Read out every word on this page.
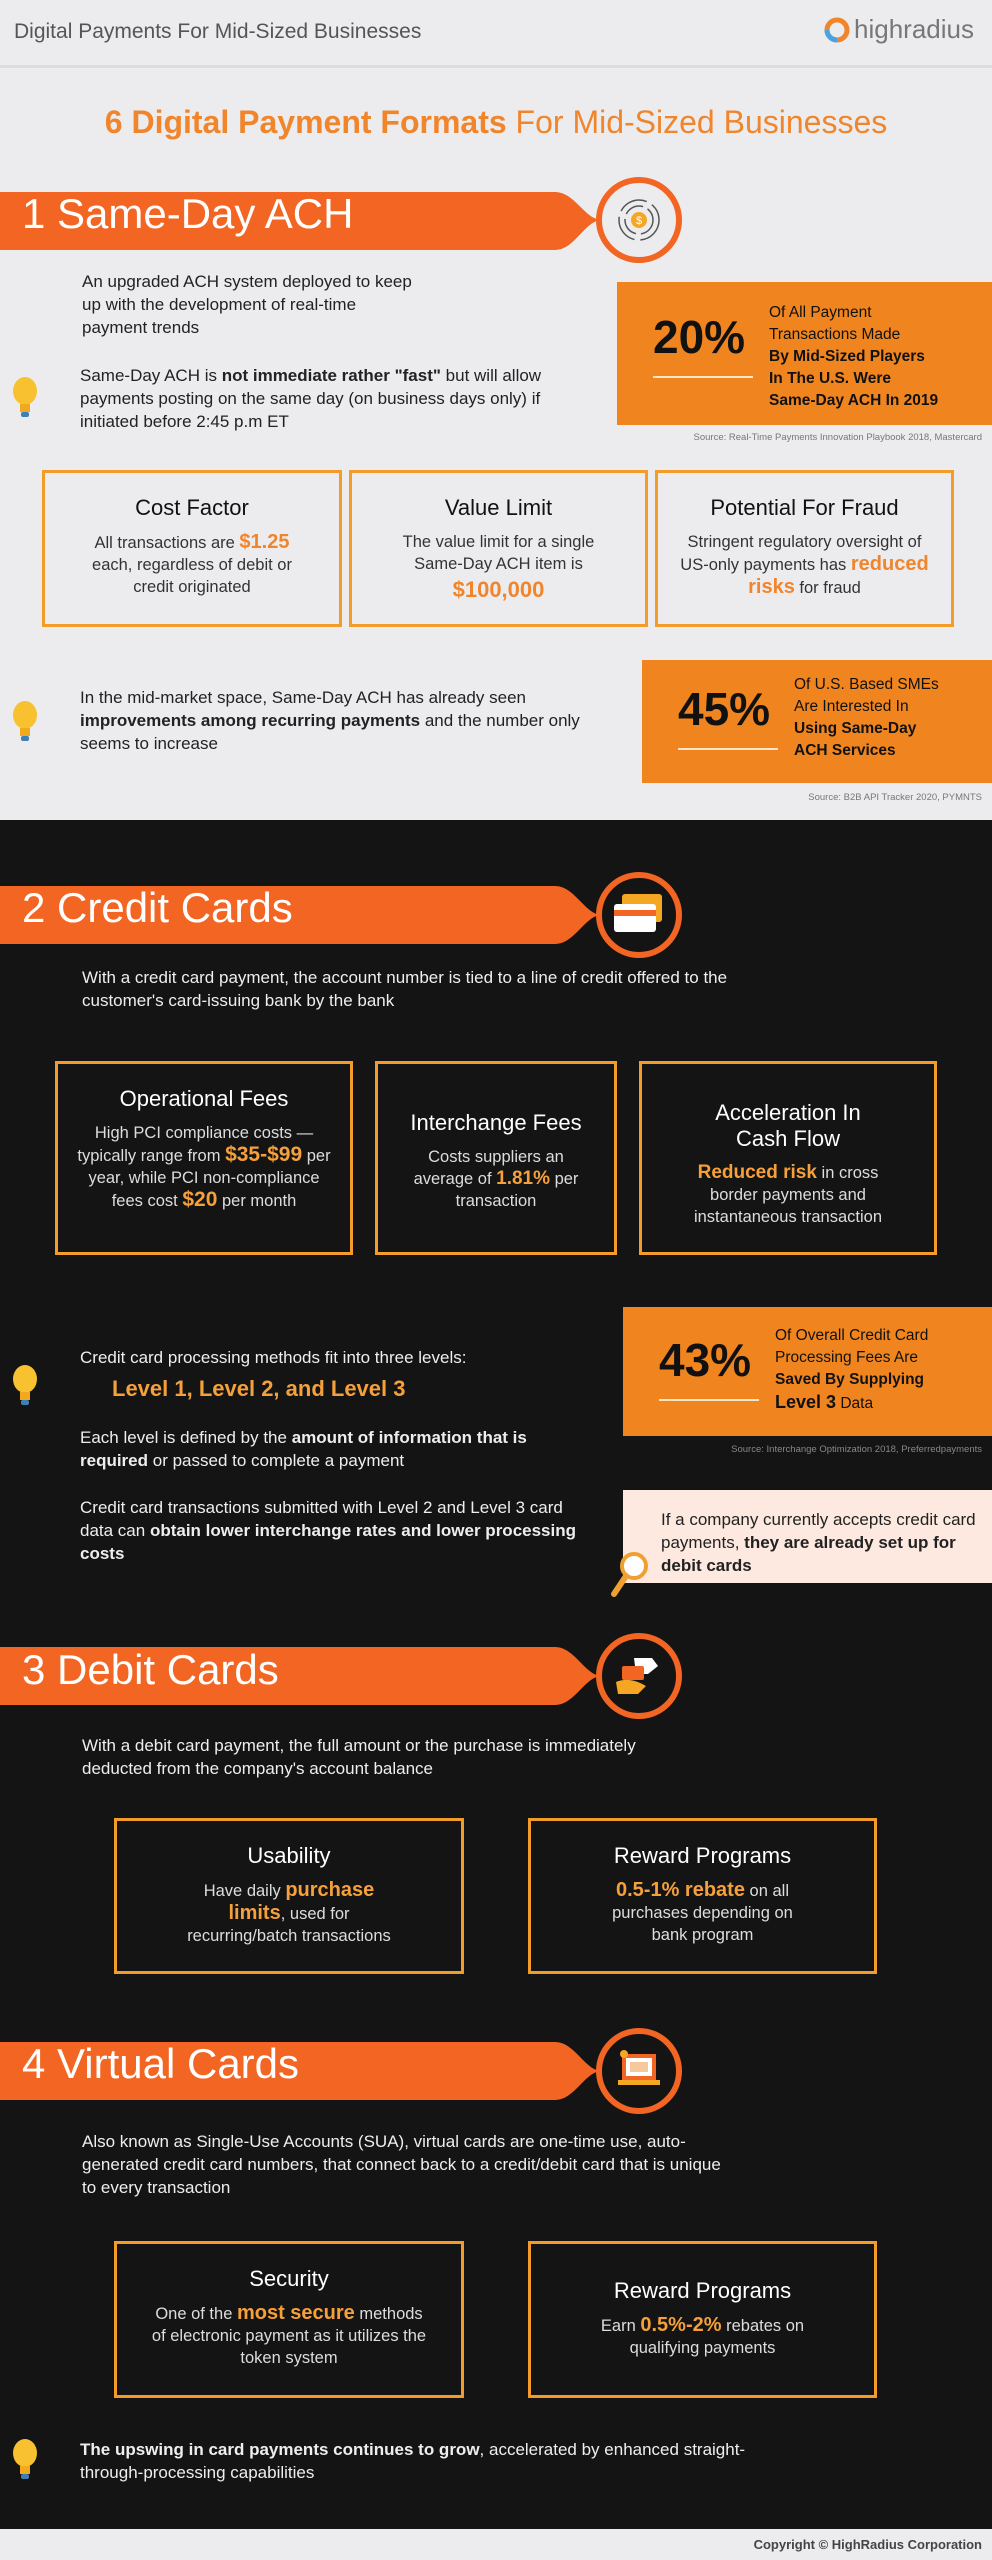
Digital Payments For Mid-Sized Businesses	highradius
6 Digital Payment Formats For Mid-Sized Businesses
1 Same-Day ACH	$
An upgraded ACH system deployed to keep up with the development of real-time payment trends
Same-Day ACH is not immediate rather "fast" but will allow payments posting on the same day (on business days only) if initiated before 2:45 p.m ET
20%	Of All Payment
Transactions Made
By Mid-Sized Players
In The U.S. Were
Same-Day ACH In 2019
Source: Real-Time Payments Innovation Playbook 2018, Mastercard
Cost Factor

All transactions are $1.25 each, regardless of debit or credit originated

Value Limit

The value limit for a single Same-Day ACH item is
$100,000

Potential For Fraud

Stringent regulatory oversight of US-only payments has reduced risks for fraud

In the mid-market space, Same-Day ACH has already seen improvements among recurring payments and the number only seems to increase
45%	Of U.S. Based SMEs
Are Interested In
Using Same-Day
ACH Services
Source: B2B API Tracker 2020, PYMNTS
2 Credit Cards
With a credit card payment, the account number is tied to a line of credit offered to the customer's card-issuing bank by the bank
Operational Fees

High PCI compliance costs — typically range from $35-$99 per year, while PCI non-compliance fees cost $20 per month

Interchange Fees

Costs suppliers an average of 1.81% per transaction

Acceleration In Cash Flow

Reduced risk in cross border payments and instantaneous transaction

Credit card processing methods fit into three levels:
Level 1, Level 2, and Level 3
Each level is defined by the amount of information that is required or passed to complete a payment
Credit card transactions submitted with Level 2 and Level 3 card data can obtain lower interchange rates and lower processing costs
43%	Of Overall Credit Card
Processing Fees Are
Saved By Supplying
Level 3 Data
Source: Interchange Optimization 2018, Preferredpayments
If a company currently accepts credit card payments, they are already set up for debit cards
3 Debit Cards
With a debit card payment, the full amount or the purchase is immediately deducted from the company's account balance
Usability

Have daily purchase limits, used for recurring/batch transactions

Reward Programs

0.5-1% rebate on all purchases depending on bank program

4 Virtual Cards
Also known as Single-Use Accounts (SUA), virtual cards are one-time use, auto-generated credit card numbers, that connect back to a credit/debit card that is unique to every transaction
Security

One of the most secure methods of electronic payment as it utilizes the token system

Reward Programs

Earn 0.5%-2% rebates on qualifying payments

The upswing in card payments continues to grow, accelerated by enhanced straight-through-processing capabilities
Copyright © HighRadius Corporation
